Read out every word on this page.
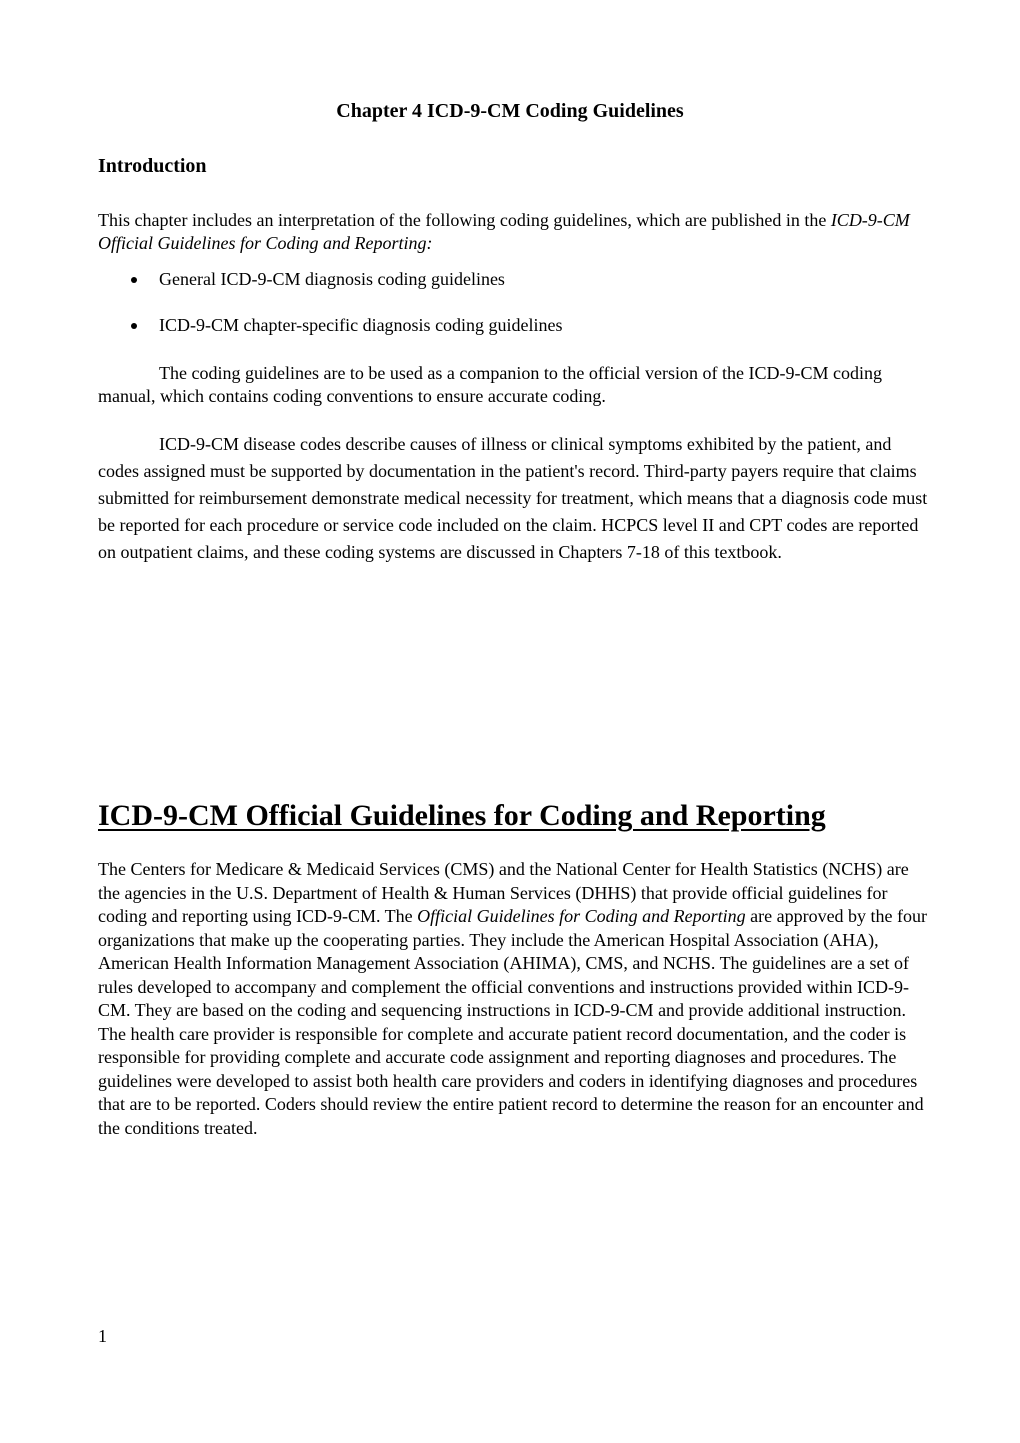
Chapter 4 ICD-9-CM Coding Guidelines
Introduction

This chapter includes an interpretation of the following coding guidelines, which are published in the ICD-9-CM Official Guidelines for Coding and Reporting:

General ICD-9-CM diagnosis coding guidelines
ICD-9-CM chapter-specific diagnosis coding guidelines

The coding guidelines are to be used as a companion to the official version of the ICD-9-CM coding manual, which contains coding conventions to ensure accurate coding.

ICD-9-CM disease codes describe causes of illness or clinical symptoms exhibited by the patient, and codes assigned must be supported by documentation in the patient's record. Third-party payers require that claims submitted for reimbursement demonstrate medical necessity for treatment, which means that a diagnosis code must be reported for each procedure or service code included on the claim. HCPCS level II and CPT codes are reported on outpatient claims, and these coding systems are discussed in Chapters 7-18 of this textbook.

ICD-9-CM Official Guidelines for Coding and Reporting

The Centers for Medicare & Medicaid Services (CMS) and the National Center for Health Statistics (NCHS) are the agencies in the U.S. Department of Health & Human Services (DHHS) that provide official guidelines for coding and reporting using ICD-9-CM. The Official Guidelines for Coding and Reporting are approved by the four organizations that make up the cooperating parties. They include the American Hospital Association (AHA), American Health Information Management Association (AHIMA), CMS, and NCHS. The guidelines are a set of rules developed to accompany and complement the official conventions and instructions provided within ICD-9-CM. They are based on the coding and sequencing instructions in ICD-9-CM and provide additional instruction. The health care provider is responsible for complete and accurate patient record documentation, and the coder is responsible for providing complete and accurate code assignment and reporting diagnoses and procedures. The guidelines were developed to assist both health care providers and coders in identifying diagnoses and procedures that are to be reported. Coders should review the entire patient record to determine the reason for an encounter and the conditions treated.

1
